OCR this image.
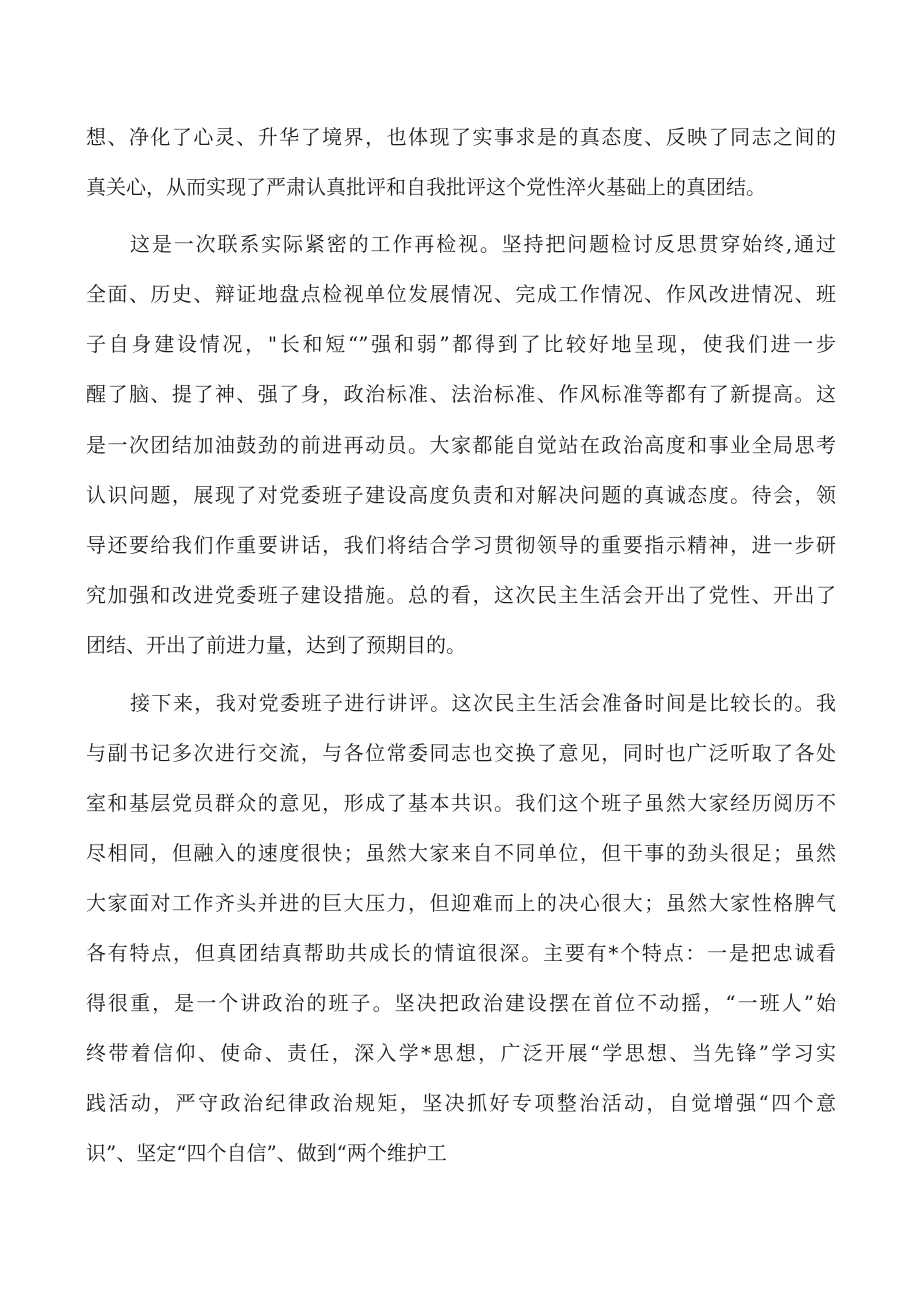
想、净化了心灵、升华了境界，也体现了实事求是的真态度、反映了同志之间的
真关心，从而实现了严肃认真批评和自我批评这个党性淬火基础上的真团结。
这是一次联系实际紧密的工作再检视。坚持把问题检讨反思贯穿始终,通过
全面、历史、辩证地盘点检视单位发展情况、完成工作情况、作风改进情况、班
子自身建设情况，"长和短“”强和弱”都得到了比较好地呈现，使我们进一步
醒了脑、提了神、强了身，政治标准、法治标准、作风标准等都有了新提高。这
是一次团结加油鼓劲的前进再动员。大家都能自觉站在政治高度和事业全局思考
认识问题，展现了对党委班子建设高度负责和对解决问题的真诚态度。待会，领
导还要给我们作重要讲话，我们将结合学习贯彻领导的重要指示精神，进一步研
究加强和改进党委班子建设措施。总的看，这次民主生活会开出了党性、开出了
团结、开出了前进力量，达到了预期目的。
接下来，我对党委班子进行讲评。这次民主生活会准备时间是比较长的。我
与副书记多次进行交流，与各位常委同志也交换了意见，同时也广泛听取了各处
室和基层党员群众的意见，形成了基本共识。我们这个班子虽然大家经历阅历不
尽相同，但融入的速度很快；虽然大家来自不同单位，但干事的劲头很足；虽然
大家面对工作齐头并进的巨大压力，但迎难而上的决心很大；虽然大家性格脾气
各有特点，但真团结真帮助共成长的情谊很深。主要有*个特点：一是把忠诚看
得很重，是一个讲政治的班子。坚决把政治建设摆在首位不动摇，“一班人”始
终带着信仰、使命、责任，深入学*思想，广泛开展“学思想、当先锋”学习实
践活动，严守政治纪律政治规矩，坚决抓好专项整治活动，自觉增强“四个意
识”、坚定“四个自信”、做到“两个维护工
